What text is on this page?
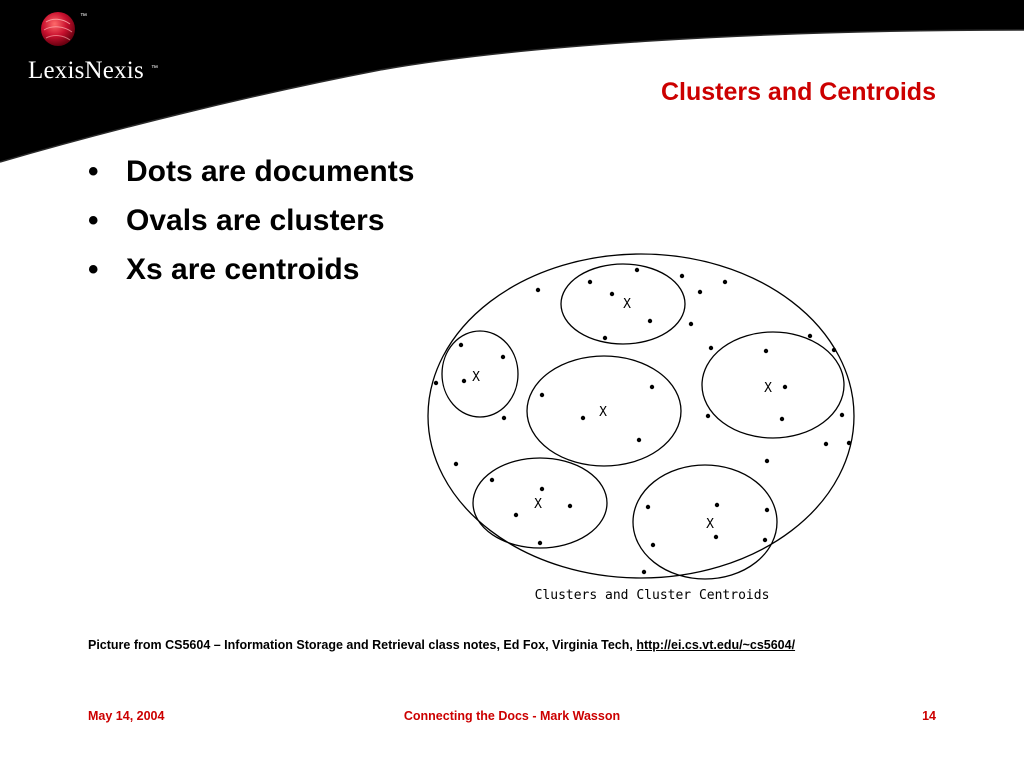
™
LexisNexis ™
Clusters and Centroids
• Dots are documents
• Ovals are clusters
• Xs are centroids
X
X
X
X
X
X
Clusters and Cluster Centroids
Picture from CS5604 – Information Storage and Retrieval class notes, Ed Fox, Virginia Tech, http://ei.cs.vt.edu/~cs5604/
May 14, 2004	Connecting the Docs - Mark Wasson	14
